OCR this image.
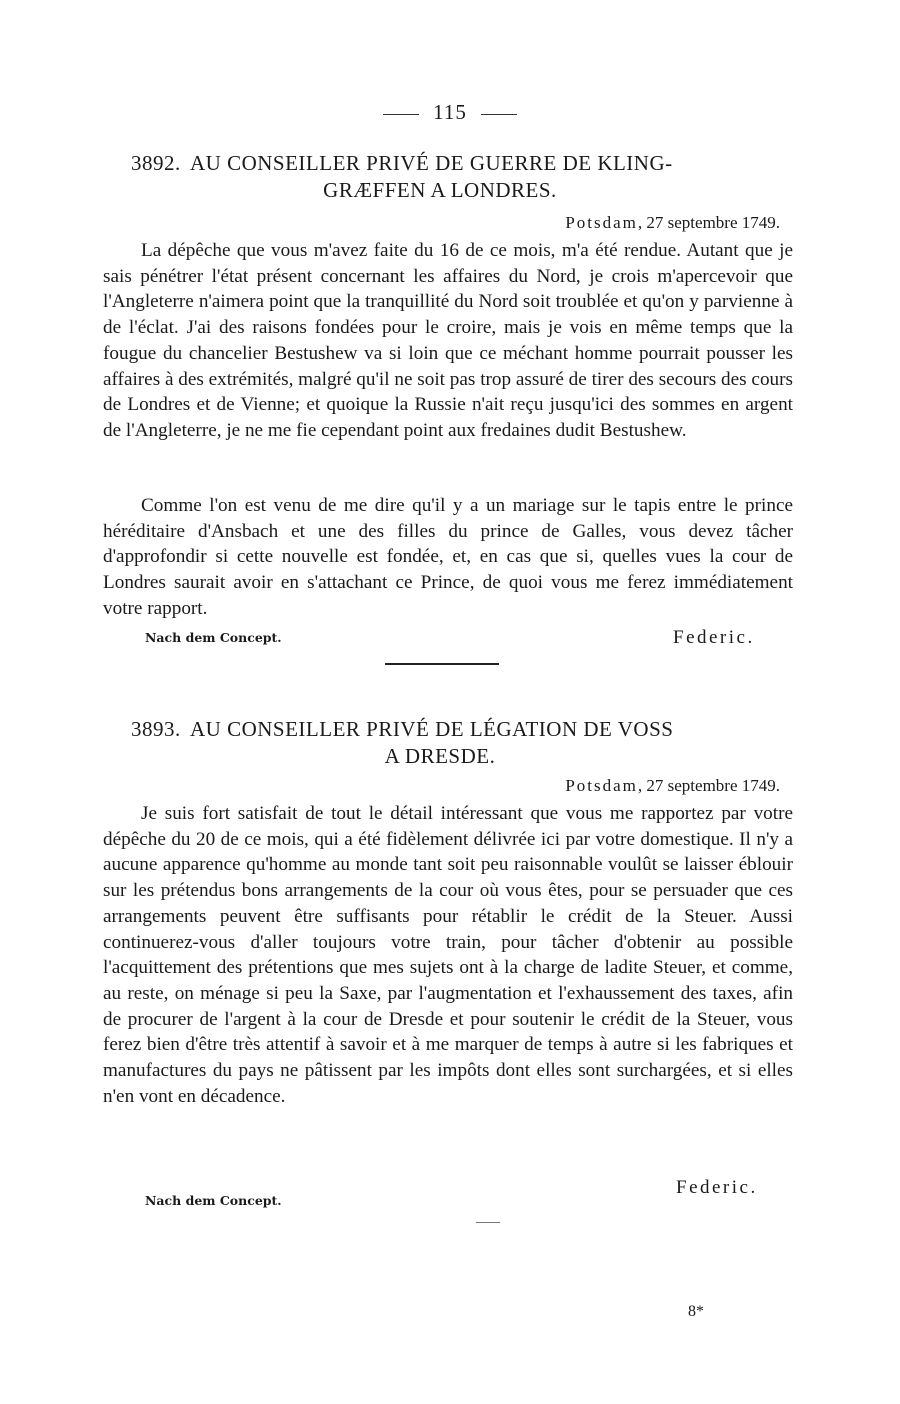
115
3892. AU CONSEILLER PRIVÉ DE GUERRE DE KLING-
GRÆFFEN A LONDRES.
Potsdam, 27 septembre 1749.

La dépêche que vous m'avez faite du 16 de ce mois, m'a été rendue. Autant que je sais pénétrer l'état présent concernant les affaires du Nord, je crois m'apercevoir que l'Angleterre n'aimera point que la tranquillité du Nord soit troublée et qu'on y parvienne à de l'éclat. J'ai des raisons fondées pour le croire, mais je vois en même temps que la fougue du chancelier Bestushew va si loin que ce méchant homme pourrait pousser les affaires à des extrémités, malgré qu'il ne soit pas trop assuré de tirer des secours des cours de Londres et de Vienne; et quoique la Russie n'ait reçu jusqu'ici des sommes en argent de l'Angleterre, je ne me fie cependant point aux fredaines dudit Bestushew.

Comme l'on est venu de me dire qu'il y a un mariage sur le tapis entre le prince héréditaire d'Ansbach et une des filles du prince de Galles, vous devez tâcher d'approfondir si cette nouvelle est fondée, et, en cas que si, quelles vues la cour de Londres saurait avoir en s'attachant ce Prince, de quoi vous me ferez immédiatement votre rapport.

Nach dem Concept.	Federic.
3893. AU CONSEILLER PRIVÉ DE LÉGATION DE VOSS
A DRESDE.
Potsdam, 27 septembre 1749.

Je suis fort satisfait de tout le détail intéressant que vous me rapportez par votre dépêche du 20 de ce mois, qui a été fidèlement délivrée ici par votre domestique. Il n'y a aucune apparence qu'homme au monde tant soit peu raisonnable voulût se laisser éblouir sur les prétendus bons arrangements de la cour où vous êtes, pour se persuader que ces arrangements peuvent être suffisants pour rétablir le crédit de la Steuer. Aussi continuerez-vous d'aller toujours votre train, pour tâcher d'obtenir au possible l'acquittement des prétentions que mes sujets ont à la charge de ladite Steuer, et comme, au reste, on ménage si peu la Saxe, par l'augmentation et l'exhaussement des taxes, afin de procurer de l'argent à la cour de Dresde et pour soutenir le crédit de la Steuer, vous ferez bien d'être très attentif à savoir et à me marquer de temps à autre si les fabriques et manufactures du pays ne pâtissent par les impôts dont elles sont surchargées, et si elles n'en vont en décadence.

Nach dem Concept.
Federic.
8*
